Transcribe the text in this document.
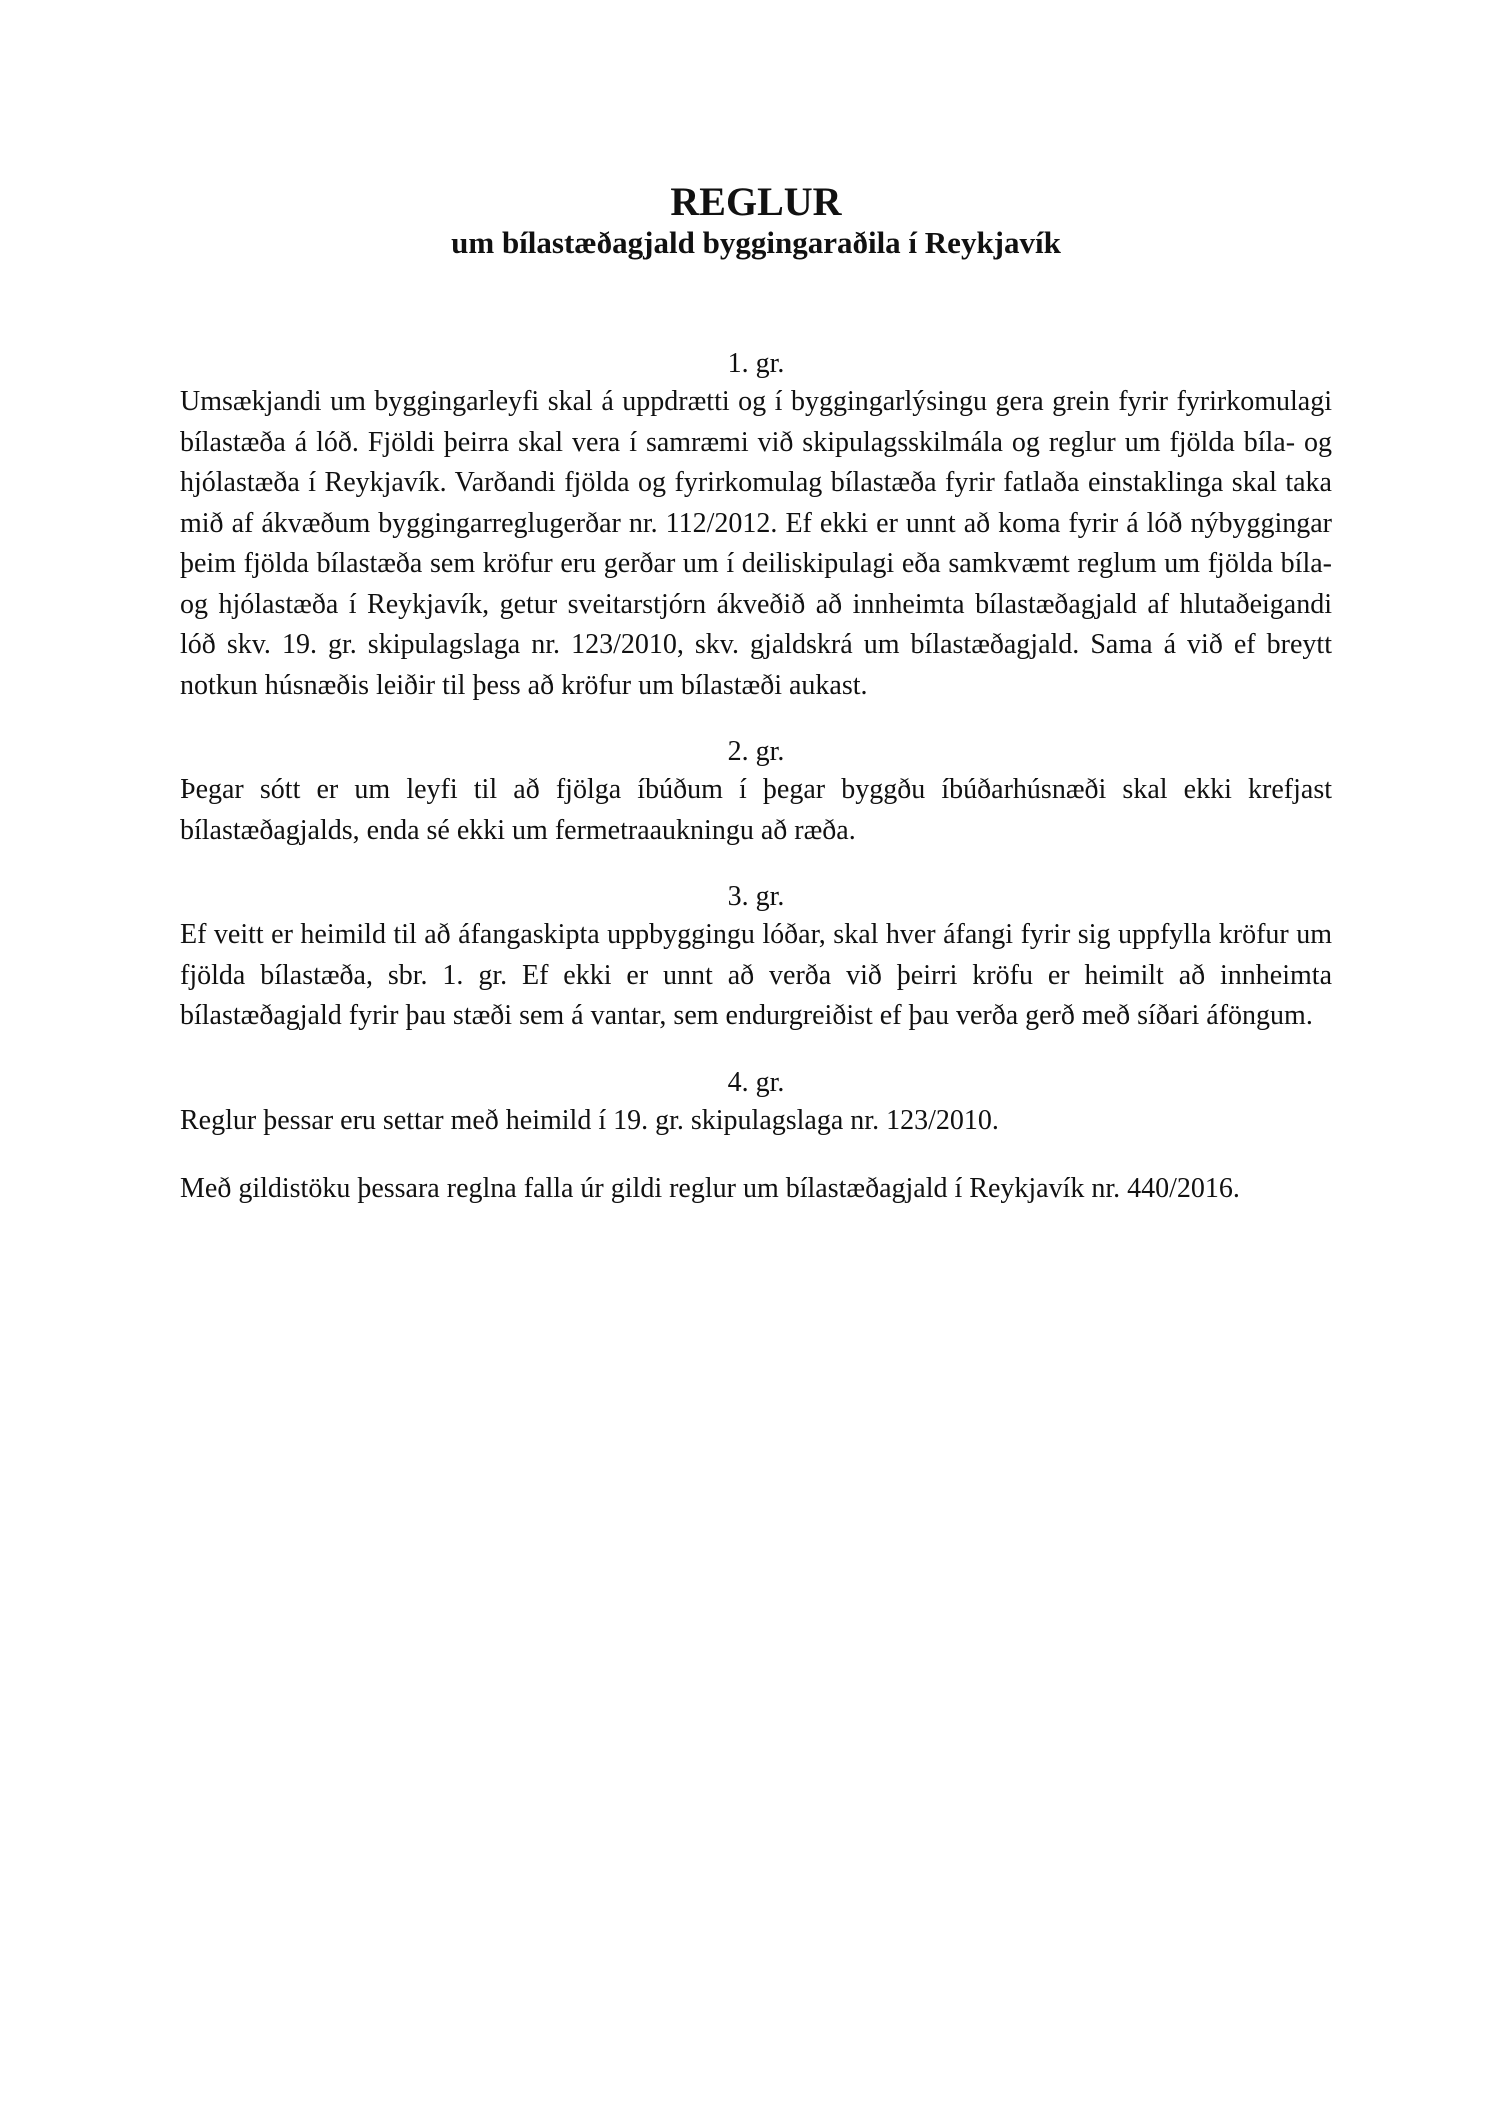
REGLUR
um bílastæðagjald byggingaraðila í Reykjavík

1. gr.

Umsækjandi um byggingarleyfi skal á uppdrætti og í byggingarlýsingu gera grein fyrir fyrirkomulagi bílastæða á lóð. Fjöldi þeirra skal vera í samræmi við skipulagsskilmála og reglur um fjölda bíla- og hjólastæða í Reykjavík. Varðandi fjölda og fyrirkomulag bílastæða fyrir fatlaða einstaklinga skal taka mið af ákvæðum byggingarreglugerðar nr. 112/2012. Ef ekki er unnt að koma fyrir á lóð nýbyggingar þeim fjölda bílastæða sem kröfur eru gerðar um í deiliskipulagi eða samkvæmt reglum um fjölda bíla- og hjólastæða í Reykjavík, getur sveitarstjórn ákveðið að innheimta bílastæðagjald af hlutaðeigandi lóð skv. 19. gr. skipulagslaga nr. 123/2010, skv. gjaldskrá um bílastæðagjald. Sama á við ef breytt notkun húsnæðis leiðir til þess að kröfur um bílastæði aukast.

2. gr.

Þegar sótt er um leyfi til að fjölga íbúðum í þegar byggðu íbúðarhúsnæði skal ekki krefjast bílastæðagjalds, enda sé ekki um fermetraaukningu að ræða.

3. gr.

Ef veitt er heimild til að áfangaskipta uppbyggingu lóðar, skal hver áfangi fyrir sig uppfylla kröfur um fjölda bílastæða, sbr. 1. gr. Ef ekki er unnt að verða við þeirri kröfu er heimilt að innheimta bílastæðagjald fyrir þau stæði sem á vantar, sem endurgreiðist ef þau verða gerð með síðari áföngum.

4. gr.

Reglur þessar eru settar með heimild í 19. gr. skipulagslaga nr. 123/2010.

Með gildistöku þessara reglna falla úr gildi reglur um bílastæðagjald í Reykjavík nr. 440/2016.
